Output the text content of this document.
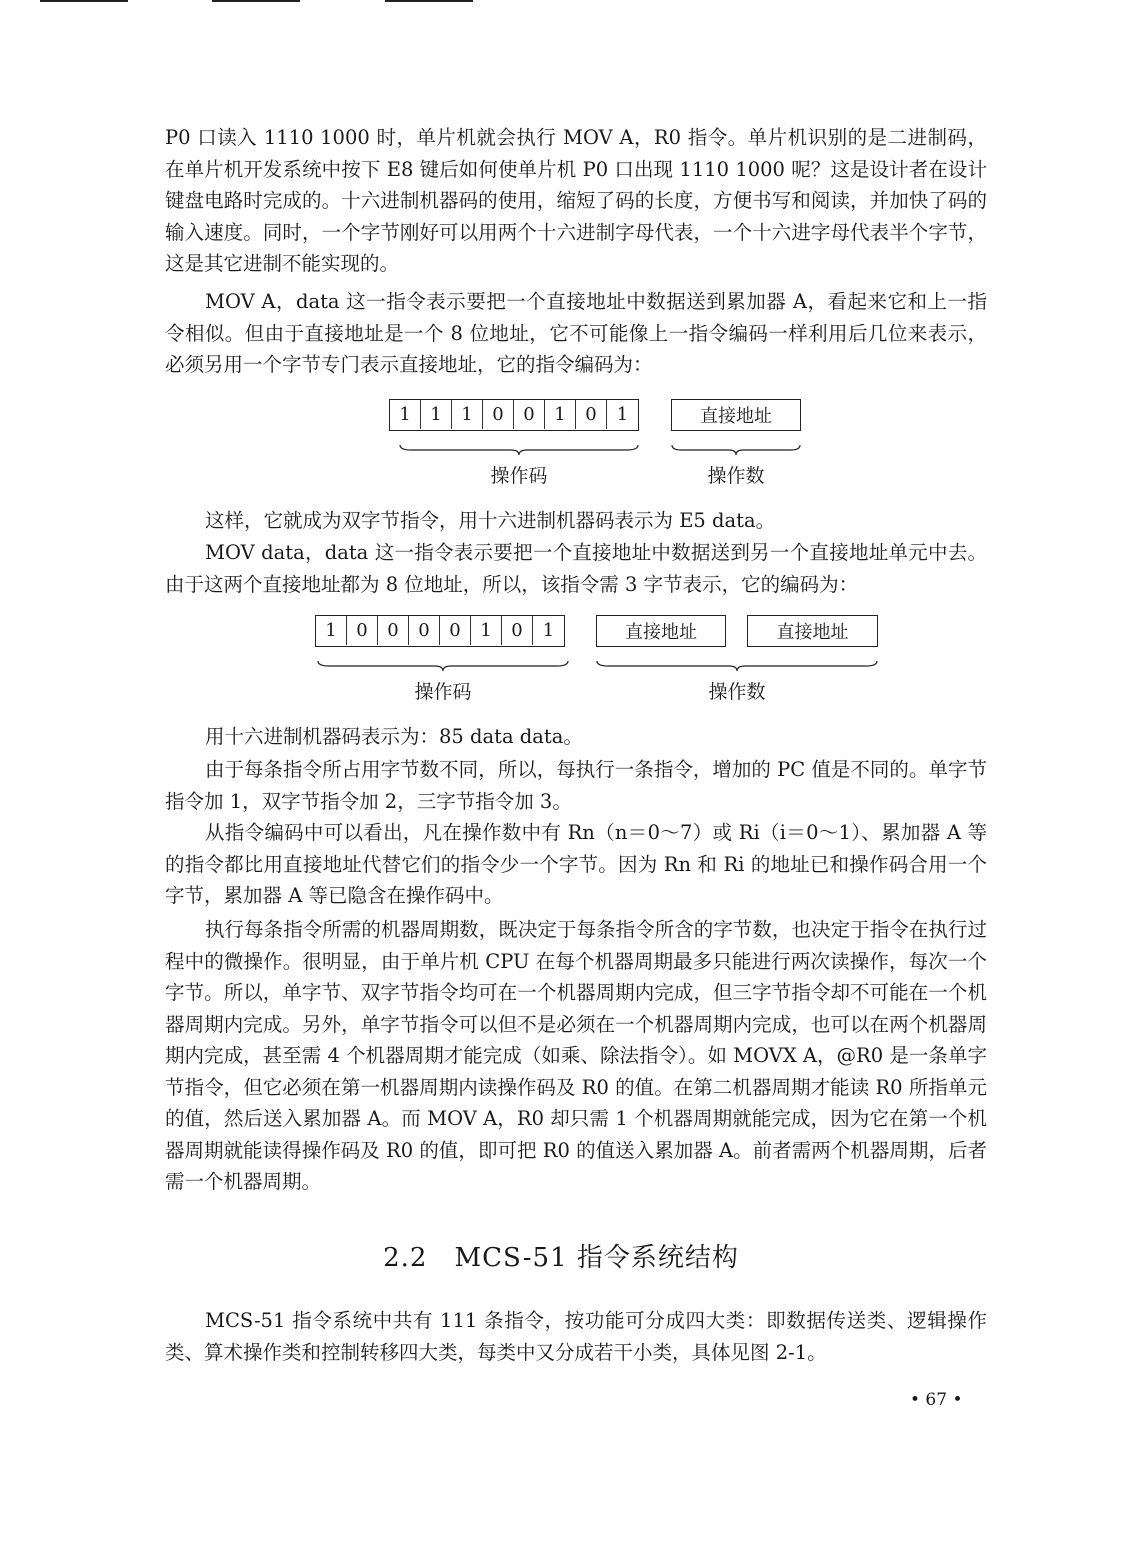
P0 口读入 1110 1000 时，单片机就会执行 MOV A，R0 指令。单片机识别的是二进制码，在单片机开发系统中按下 E8 键后如何使单片机 P0 口出现 1110 1000 呢？这是设计者在设计键盘电路时完成的。十六进制机器码的使用，缩短了码的长度，方便书写和阅读，并加快了码的输入速度。同时，一个字节刚好可以用两个十六进制字母代表，一个十六进字母代表半个字节，这是其它进制不能实现的。

MOV A，data 这一指令表示要把一个直接地址中数据送到累加器 A，看起来它和上一指令相似。但由于直接地址是一个 8 位地址，它不可能像上一指令编码一样利用后几位来表示，必须另用一个字节专门表示直接地址，它的指令编码为：

1	1	1	0	0	1	0	1	直接地址
操作码	操作数

这样，它就成为双字节指令，用十六进制机器码表示为 E5 data。

MOV data，data 这一指令表示要把一个直接地址中数据送到另一个直接地址单元中去。由于这两个直接地址都为 8 位地址，所以，该指令需 3 字节表示，它的编码为：

1	0	0	0	0	1	0	1	直接地址	直接地址
操作码	操作数

用十六进制机器码表示为：85 data data。

由于每条指令所占用字节数不同，所以，每执行一条指令，增加的 PC 值是不同的。单字节指令加 1，双字节指令加 2，三字节指令加 3。

从指令编码中可以看出，凡在操作数中有 Rn（n＝0～7）或 Ri（i＝0～1）、累加器 A 等的指令都比用直接地址代替它们的指令少一个字节。因为 Rn 和 Ri 的地址已和操作码合用一个字节，累加器 A 等已隐含在操作码中。

执行每条指令所需的机器周期数，既决定于每条指令所含的字节数，也决定于指令在执行过程中的微操作。很明显，由于单片机 CPU 在每个机器周期最多只能进行两次读操作，每次一个字节。所以，单字节、双字节指令均可在一个机器周期内完成，但三字节指令却不可能在一个机器周期内完成。另外，单字节指令可以但不是必须在一个机器周期内完成，也可以在两个机器周期内完成，甚至需 4 个机器周期才能完成（如乘、除法指令）。如 MOVX A，@R0 是一条单字节指令，但它必须在第一机器周期内读操作码及 R0 的值。在第二机器周期才能读 R0 所指单元的值，然后送入累加器 A。而 MOV A，R0 却只需 1 个机器周期就能完成，因为它在第一个机器周期就能读得操作码及 R0 的值，即可把 R0 的值送入累加器 A。前者需两个机器周期，后者需一个机器周期。

2.2　MCS-51 指令系统结构

MCS-51 指令系统中共有 111 条指令，按功能可分成四大类：即数据传送类、逻辑操作类、算术操作类和控制转移四大类，每类中又分成若干小类，具体见图 2-1。

• 67 •
